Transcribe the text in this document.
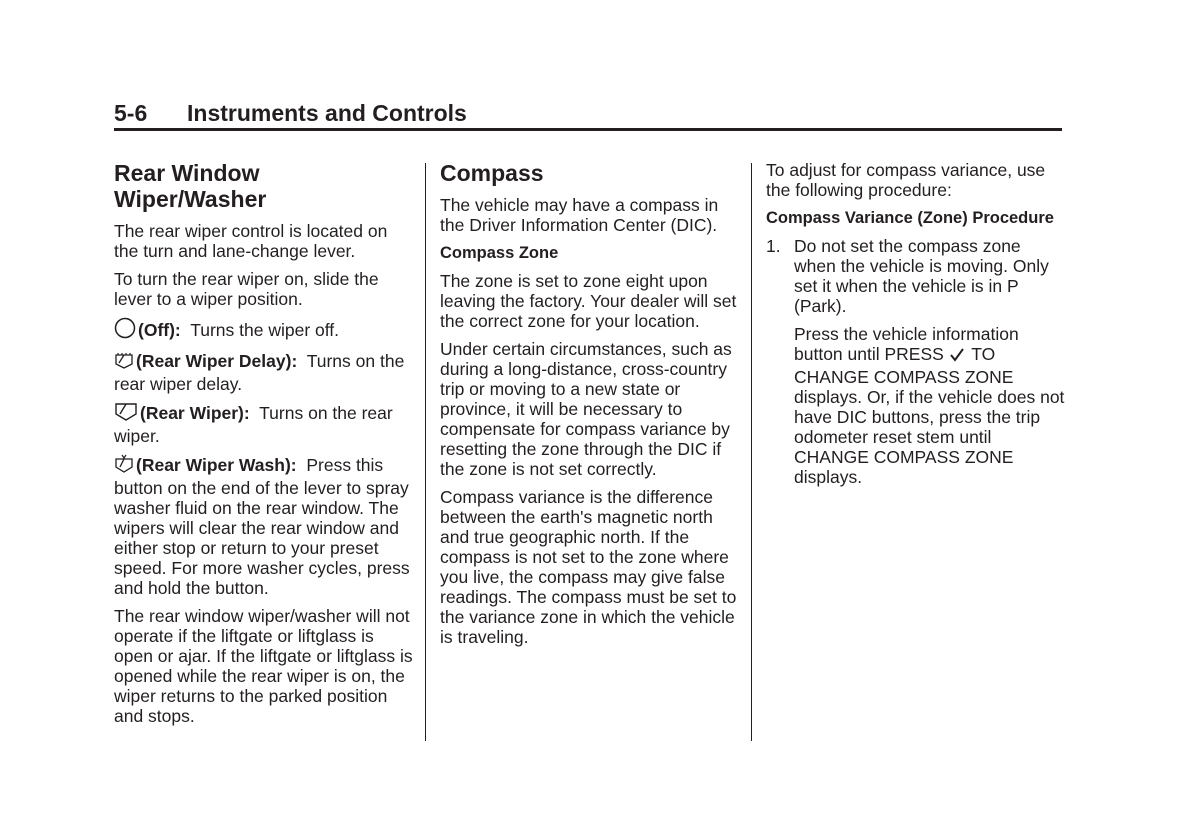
5-6 Instruments and Controls
Rear Window Wiper/Washer

The rear wiper control is located on the turn and lane-change lever.

To turn the rear wiper on, slide the lever to a wiper position.

(Off): Turns the wiper off.

(Rear Wiper Delay): Turns on the rear wiper delay.

(Rear Wiper): Turns on the rear wiper.

(Rear Wiper Wash): Press this button on the end of the lever to spray washer fluid on the rear window. The wipers will clear the rear window and either stop or return to your preset speed. For more washer cycles, press and hold the button.

The rear window wiper/washer will not operate if the liftgate or liftglass is open or ajar. If the liftgate or liftglass is opened while the rear wiper is on, the wiper returns to the parked position and stops.

Compass

The vehicle may have a compass in the Driver Information Center (DIC).

Compass Zone

The zone is set to zone eight upon leaving the factory. Your dealer will set the correct zone for your location.

Under certain circumstances, such as during a long-distance, cross-country trip or moving to a new state or province, it will be necessary to compensate for compass variance by resetting the zone through the DIC if the zone is not set correctly.

Compass variance is the difference between the earth's magnetic north and true geographic north. If the compass is not set to the zone where you live, the compass may give false readings. The compass must be set to the variance zone in which the vehicle is traveling.

To adjust for compass variance, use the following procedure:

Compass Variance (Zone) Procedure

1. Do not set the compass zone when the vehicle is moving. Only set it when the vehicle is in P (Park).

Press the vehicle information button until PRESS TO CHANGE COMPASS ZONE displays. Or, if the vehicle does not have DIC buttons, press the trip odometer reset stem until CHANGE COMPASS ZONE displays.
